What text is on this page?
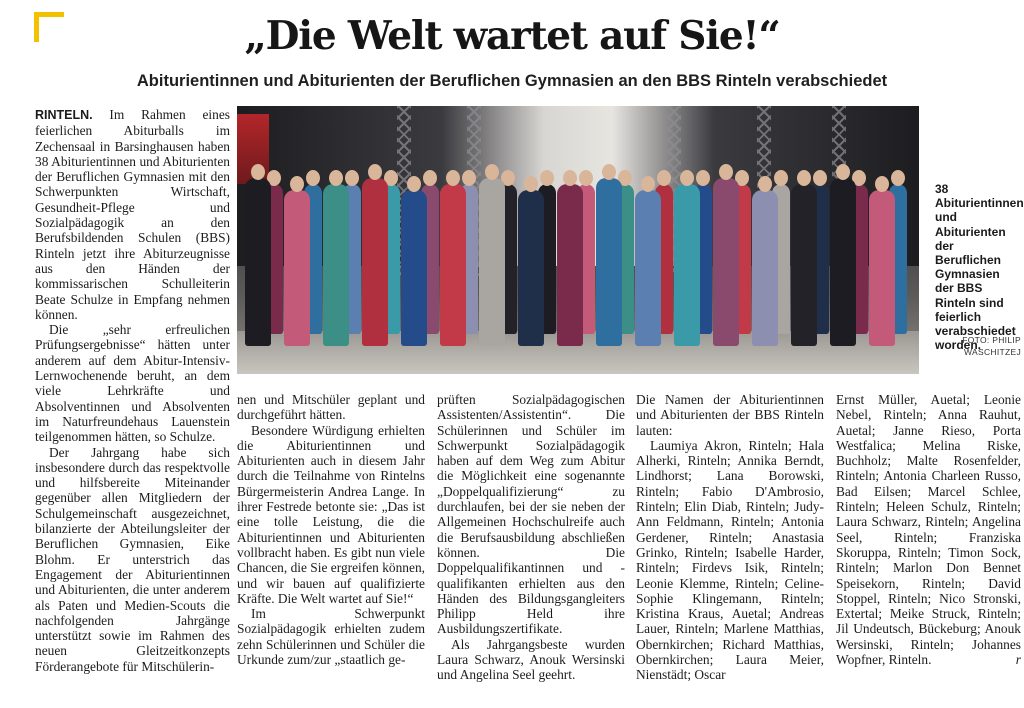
„Die Welt wartet auf Sie!“
Abiturientinnen und Abiturienten der Beruflichen Gymnasien an den BBS Rinteln verabschiedet

RINTELN. Im Rahmen eines feierlichen Abiturballs im Zechensaal in Barsinghausen haben 38 Abiturientinnen und Abiturienten der Beruflichen Gymnasien mit den Schwerpunkten Wirtschaft, Gesundheit-Pflege und Sozialpädagogik an den Berufsbildenden Schulen (BBS) Rinteln jetzt ihre Abiturzeugnisse aus den Händen der kommissarischen Schulleiterin Beate Schulze in Empfang nehmen können.

Die „sehr erfreulichen Prüfungsergebnisse“ hätten unter anderem auf dem Abitur-Intensiv-Lernwochenende beruht, an dem viele Lehrkräfte und Absolventinnen und Absolventen im Naturfreundehaus Lauenstein teilgenommen hätten, so Schulze.

Der Jahrgang habe sich insbesondere durch das respektvolle und hilfsbereite Miteinander gegenüber allen Mitgliedern der Schulgemeinschaft ausgezeichnet, bilanzierte der Abteilungsleiter der Beruflichen Gymnasien, Eike Blohm. Er unterstrich das Engagement der Abiturientinnen und Abiturienten, die unter anderem als Paten und Medien-Scouts die nachfolgenden Jahrgänge unterstützt sowie im Rahmen des neuen Gleitzeitkonzepts Förderangebote für Mitschülerin-

38 Abiturientinnen und Abiturienten der Beruflichen Gymnasien der BBS Rinteln sind feierlich verabschiedet worden.
FOTO: PHILIP WASCHITZEJ

nen und Mitschüler geplant und durchgeführt hätten.

Besondere Würdigung erhielten die Abiturientinnen und Abiturienten auch in diesem Jahr durch die Teilnahme von Rintelns Bürgermeisterin Andrea Lange. In ihrer Festrede betonte sie: „Das ist eine tolle Leistung, die die Abiturientinnen und Abiturienten vollbracht haben. Es gibt nun viele Chancen, die Sie ergreifen können, und wir bauen auf qualifizierte Kräfte. Die Welt wartet auf Sie!“

Im Schwerpunkt Sozialpädagogik erhielten zudem zehn Schülerinnen und Schüler die Urkunde zum/zur „staatlich ge-

prüften Sozialpädagogischen Assistenten/Assistentin“. Die Schülerinnen und Schüler im Schwerpunkt Sozialpädagogik haben auf dem Weg zum Abitur die Möglichkeit eine sogenannte „Doppelqualifizierung“ zu durchlaufen, bei der sie neben der Allgemeinen Hochschulreife auch die Berufsausbildung abschließen können. Die Doppelqualifikantinnen und -qualifikanten erhielten aus den Händen des Bildungsgangleiters Philipp Held ihre Ausbildungszertifikate.

Als Jahrgangsbeste wurden Laura Schwarz, Anouk Wersinski und Angelina Seel geehrt.

Die Namen der Abiturientinnen und Abiturienten der BBS Rinteln lauten:

Laumiya Akron, Rinteln; Hala Alherki, Rinteln; Annika Berndt, Lindhorst; Lana Borowski, Rinteln; Fabio D'Ambrosio, Rinteln; Elin Diab, Rinteln; Judy-Ann Feldmann, Rinteln; Antonia Gerdener, Rinteln; Anastasia Grinko, Rinteln; Isabelle Harder, Rinteln; Firdevs Isik, Rinteln; Leonie Klemme, Rinteln; Celine-Sophie Klingemann, Rinteln; Kristina Kraus, Auetal; Andreas Lauer, Rinteln; Marlene Matthias, Obernkirchen; Richard Matthias, Obernkirchen; Laura Meier, Nienstädt; Oscar

Ernst Müller, Auetal; Leonie Nebel, Rinteln; Anna Rauhut, Auetal; Janne Rieso, Porta Westfalica; Melina Riske, Buchholz; Malte Rosenfelder, Rinteln; Antonia Charleen Russo, Bad Eilsen; Marcel Schlee, Rinteln; Heleen Schulz, Rinteln; Laura Schwarz, Rinteln; Angelina Seel, Rinteln; Franziska Skoruppa, Rinteln; Timon Sock, Rinteln; Marlon Don Bennet Speisekorn, Rinteln; David Stoppel, Rinteln; Nico Stronski, Extertal; Meike Struck, Rinteln; Jil Undeutsch, Bückeburg; Anouk Wersinski, Rinteln; Johannes Wopfner, Rinteln.	r
